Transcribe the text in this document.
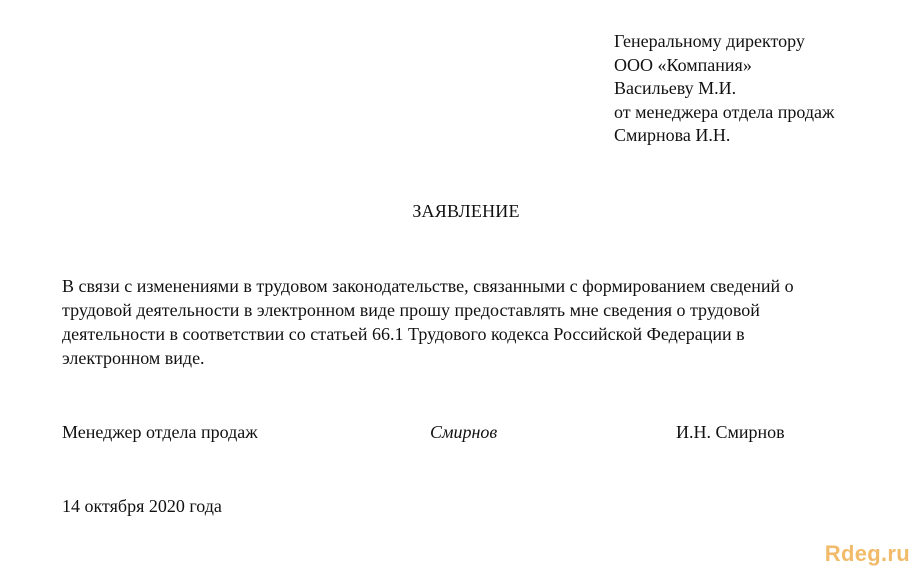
Генеральному директору
ООО «Компания»
Васильеву М.И.
от менеджера отдела продаж
Смирнова И.Н.
ЗАЯВЛЕНИЕ
В связи с изменениями в трудовом законодательстве, связанными с формированием сведений о
трудовой деятельности в электронном виде прошу предоставлять мне сведения о трудовой
деятельности в соответствии со статьей 66.1 Трудового кодекса Российской Федерации в
электронном виде.
Менеджер отдела продаж	Смирнов	И.Н. Смирнов
14 октября 2020 года
Rdeg.ru
